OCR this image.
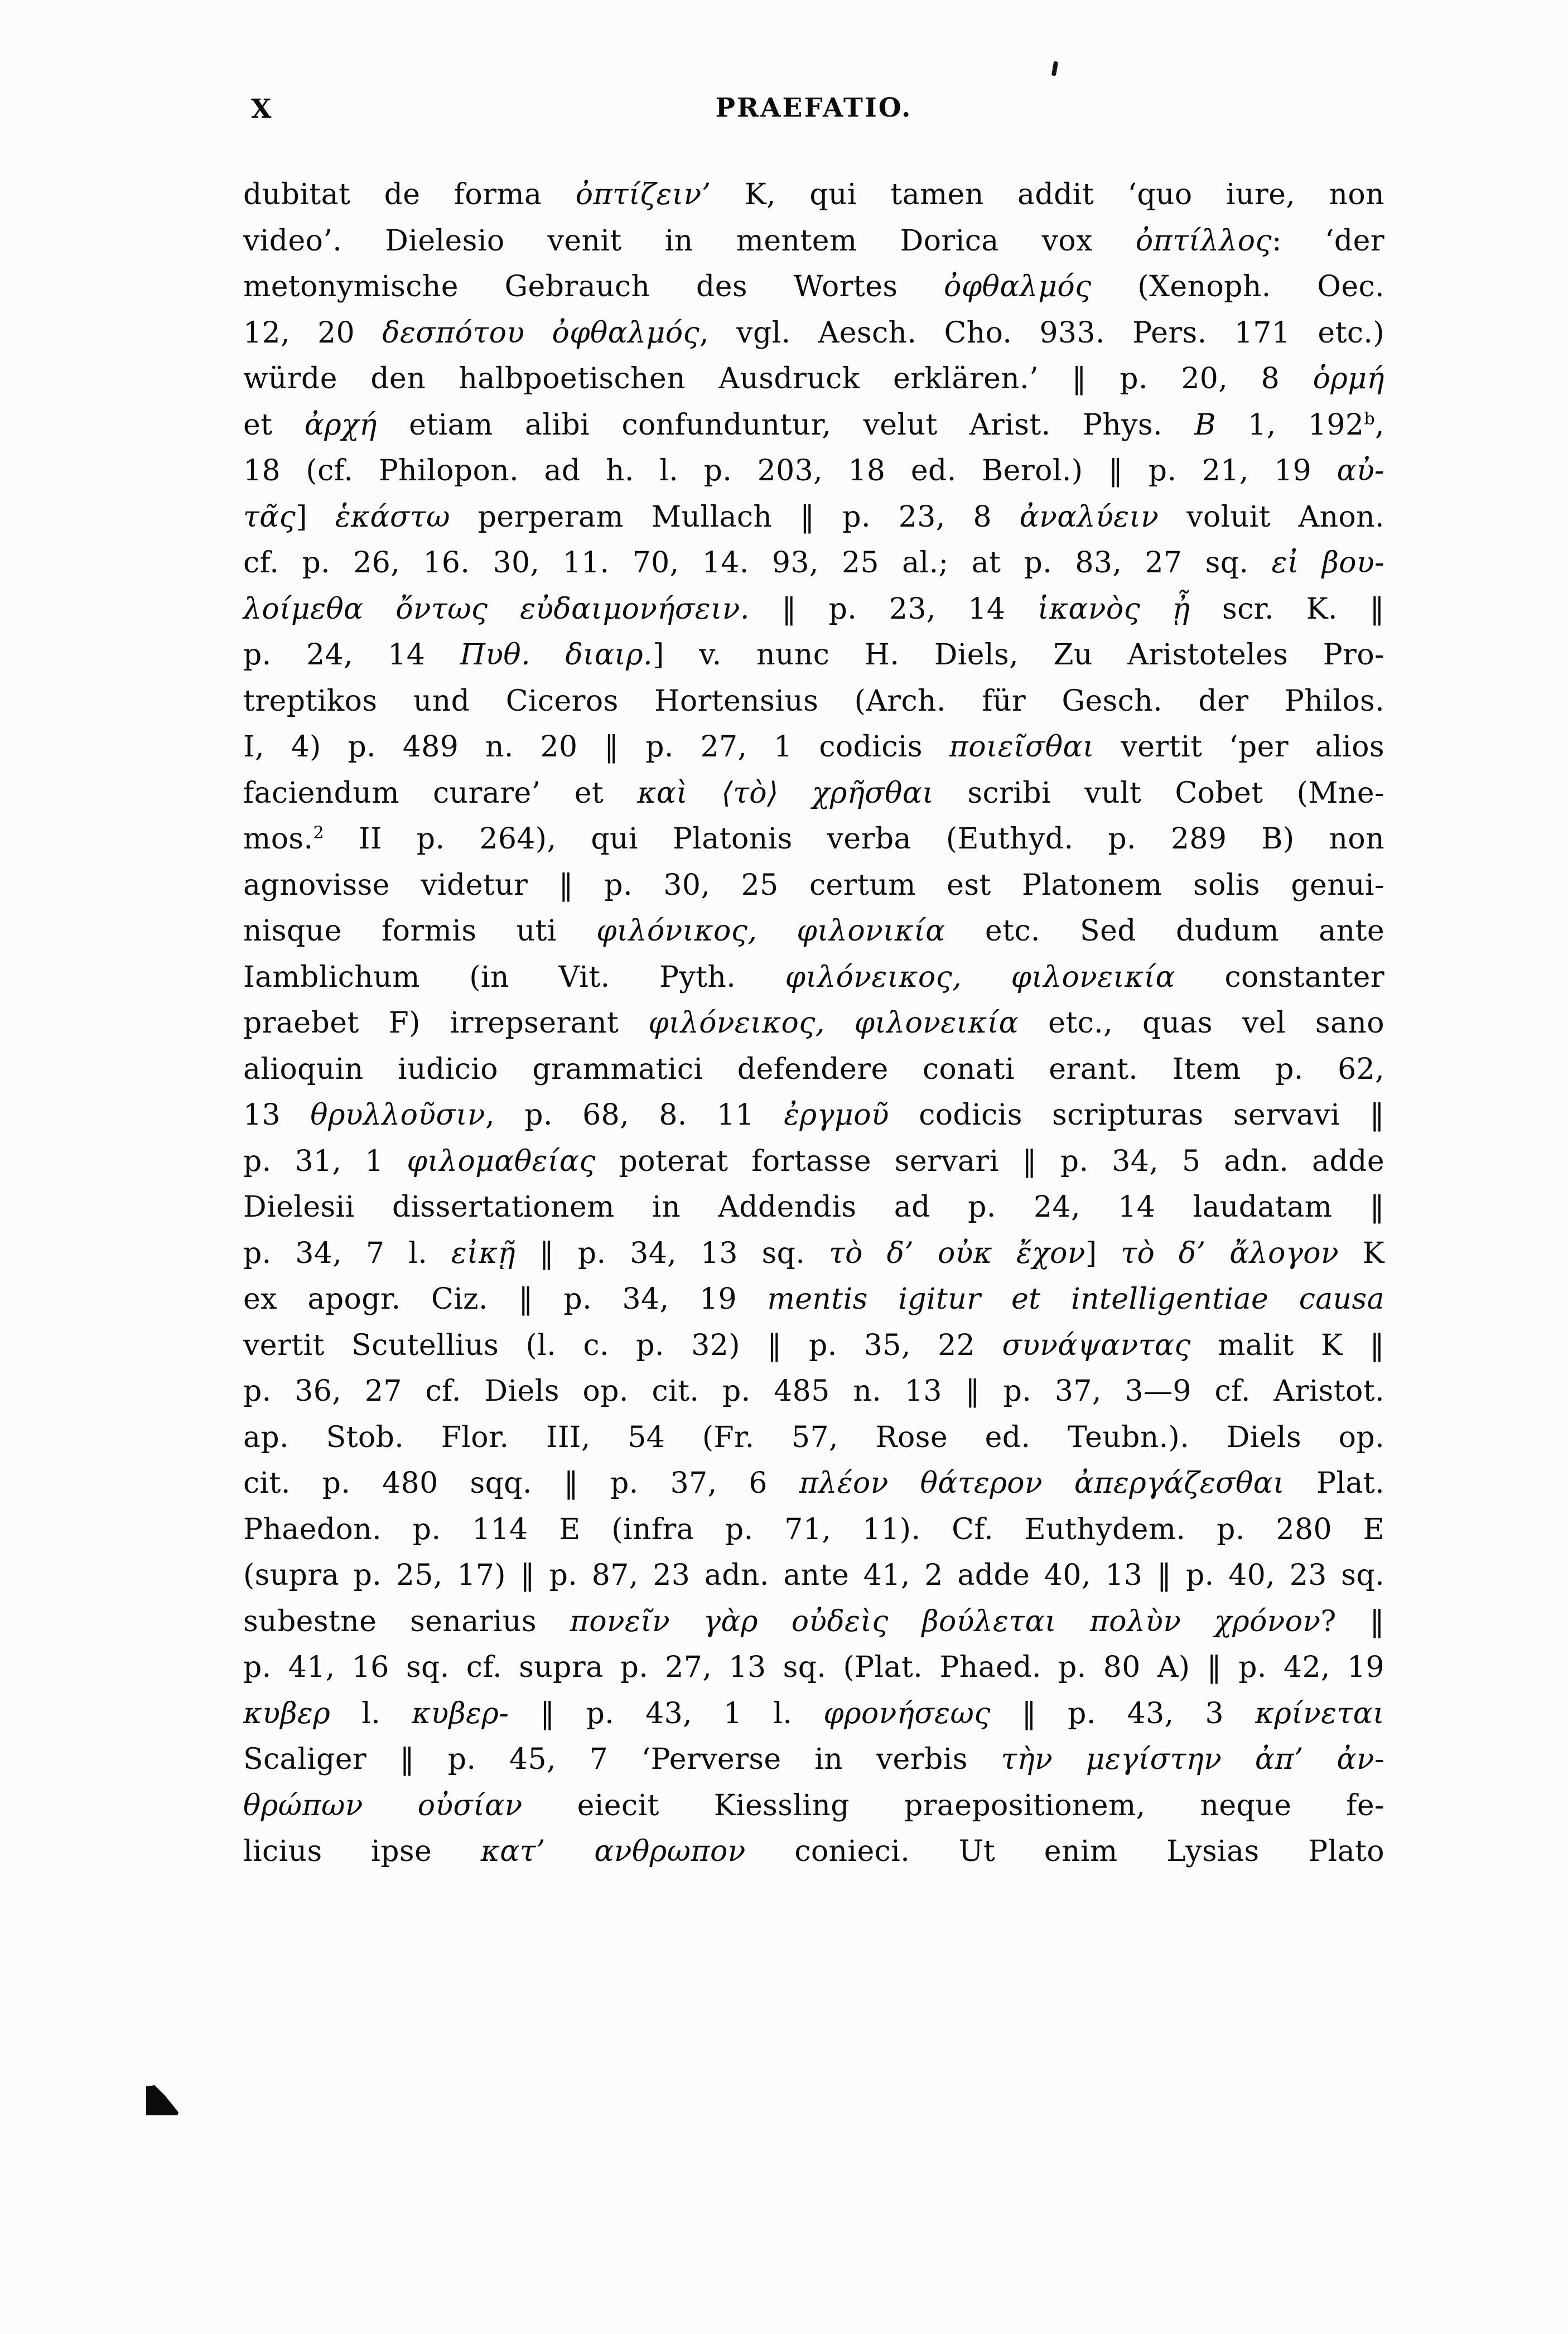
X	PRAEFATIO.
dubitat de forma ὀπτίζειν’ K, qui tamen addit ‘quo iure, non
video’. Dielesio venit in mentem Dorica vox ὀπτίλλος: ‘der
metonymische Gebrauch des Wortes ὀφθαλμός (Xenoph. Oec.
12, 20 δεσπότου ὀφθαλμός, vgl. Aesch. Cho. 933. Pers. 171 etc.)
würde den halbpoetischen Ausdruck erklären.’ ‖ p. 20, 8 ὁρμή
et ἀρχή etiam alibi confunduntur, velut Arist. Phys. B 1, 192$^b$,
18 (cf. Philopon. ad h. l. p. 203, 18 ed. Berol.) ‖ p. 21, 19 αὐ-
τᾶς] ἑκάστω perperam Mullach ‖ p. 23, 8 ἀναλύειν voluit Anon.
cf. p. 26, 16. 30, 11. 70, 14. 93, 25 al.; at p. 83, 27 sq. εἰ βου-
λοίμεθα ὄντως εὐδαιμονήσειν. ‖ p. 23, 14 ἱκανὸς ᾖ scr. K. ‖
p. 24, 14 Πυθ. διαιρ.] v. nunc H. Diels, Zu Aristoteles Pro-
treptikos und Ciceros Hortensius (Arch. für Gesch. der Philos.
I, 4) p. 489 n. 20 ‖ p. 27, 1 codicis ποιεῖσθαι vertit ‘per alios
faciendum curare’ et καὶ ⟨τὸ⟩ χρῆσθαι scribi vult Cobet (Mne-
mos.$^2$ II p. 264), qui Platonis verba (Euthyd. p. 289 B) non
agnovisse videtur ‖ p. 30, 25 certum est Platonem solis genui-
nisque formis uti φιλόνικος, φιλονικία etc. Sed dudum ante
Iamblichum (in Vit. Pyth. φιλόνεικος, φιλονεικία constanter
praebet F) irrepserant φιλόνεικος, φιλονεικία etc., quas vel sano
alioquin iudicio grammatici defendere conati erant. Item p. 62,
13 θρυλλοῦσιν, p. 68, 8. 11 ἐργμοῦ codicis scripturas servavi ‖
p. 31, 1 φιλομαθείας poterat fortasse servari ‖ p. 34, 5 adn. adde
Dielesii dissertationem in Addendis ad p. 24, 14 laudatam ‖
p. 34, 7 l. εἰκῇ ‖ p. 34, 13 sq. τὸ δ’ οὐκ ἔχον] τὸ δ’ ἄλογον K
ex apogr. Ciz. ‖ p. 34, 19 mentis igitur et intelligentiae causa
vertit Scutellius (l. c. p. 32) ‖ p. 35, 22 συνάψαντας malit K ‖
p. 36, 27 cf. Diels op. cit. p. 485 n. 13 ‖ p. 37, 3—9 cf. Aristot.
ap. Stob. Flor. III, 54 (Fr. 57, Rose ed. Teubn.). Diels op.
cit. p. 480 sqq. ‖ p. 37, 6 πλέον θάτερον ἀπεργάζεσθαι Plat.
Phaedon. p. 114 E (infra p. 71, 11). Cf. Euthydem. p. 280 E
(supra p. 25, 17) ‖ p. 87, 23 adn. ante 41, 2 adde 40, 13 ‖ p. 40, 23 sq.
subestne senarius πονεῖν γὰρ οὐδεὶς βούλεται πολὺν χρόνον? ‖
p. 41, 16 sq. cf. supra p. 27, 13 sq. (Plat. Phaed. p. 80 A) ‖ p. 42, 19
κυβερ l. κυβερ- ‖ p. 43, 1 l. φρονήσεως ‖ p. 43, 3 κρίνεται
Scaliger ‖ p. 45, 7 ‘Perverse in verbis τὴν μεγίστην ἀπ’ ἀν-
θρώπων οὐσίαν eiecit Kiessling praepositionem, neque fe-
licius ipse κατ’ ανθρωπον conieci. Ut enim Lysias Plato
